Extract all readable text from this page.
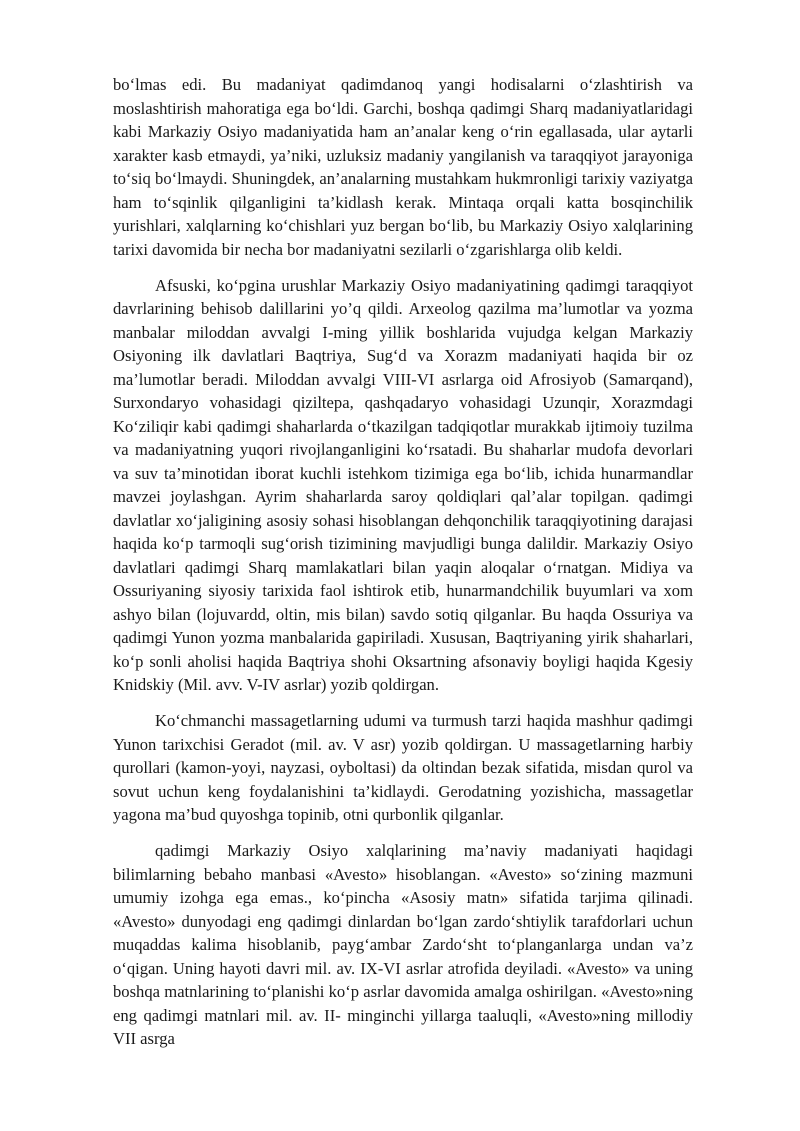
bo‘lmas edi. Bu madaniyat qadimdanoq yangi hodisalarni o‘zlashtirish va moslashtirish mahoratiga ega bo‘ldi. Garchi, boshqa qadimgi Sharq madaniyatlaridagi kabi Markaziy Osiyo madaniyatida ham an’analar keng o‘rin egallasada, ular aytarli xarakter kasb etmaydi, ya’niki, uzluksiz madaniy yangilanish va taraqqiyot jarayoniga to‘siq bo‘lmaydi. Shuningdek, an’analarning mustahkam hukmronligi tarixiy vaziyatga ham to‘sqinlik qilganligini ta’kidlash kerak. Mintaqa orqali katta bosqinchilik yurishlari, xalqlarning ko‘chishlari yuz bergan bo‘lib, bu Markaziy Osiyo xalqlarining tarixi davomida bir necha bor madaniyatni sezilarli o‘zgarishlarga olib keldi.

Afsuski, ko‘pgina urushlar Markaziy Osiyo madaniyatining qadimgi taraqqiyot davrlarining behisob dalillarini yo’q qildi. Arxeolog qazilma ma’lumotlar va yozma manbalar miloddan avvalgi I-ming yillik boshlarida vujudga kelgan Markaziy Osiyoning ilk davlatlari Baqtriya, Sug‘d va Xorazm madaniyati haqida bir oz ma’lumotlar beradi. Miloddan avvalgi VIII-VI asrlarga oid Afrosiyob (Samarqand), Surxondaryo vohasidagi qiziltepa, qashqadaryo vohasidagi Uzunqir, Xorazmdagi Ko‘ziliqir kabi qadimgi shaharlarda o‘tkazilgan tadqiqotlar murakkab ijtimoiy tuzilma va madaniyatning yuqori rivojlanganligini ko‘rsatadi. Bu shaharlar mudofa devorlari va suv ta’minotidan iborat kuchli istehkom tizimiga ega bo‘lib, ichida hunarmandlar mavzei joylashgan. Ayrim shaharlarda saroy qoldiqlari qal’alar topilgan. qadimgi davlatlar xo‘jaligining asosiy sohasi hisoblangan dehqonchilik taraqqiyotining darajasi haqida ko‘p tarmoqli sug‘orish tizimining mavjudligi bunga dalildir. Markaziy Osiyo davlatlari qadimgi Sharq mamlakatlari bilan yaqin aloqalar o‘rnatgan. Midiya va Ossuriyaning siyosiy tarixida faol ishtirok etib, hunarmandchilik buyumlari va xom ashyo bilan (lojuvardd, oltin, mis bilan) savdo sotiq qilganlar. Bu haqda Ossuriya va qadimgi Yunon yozma manbalarida gapiriladi. Xususan, Baqtriyaning yirik shaharlari, ko‘p sonli aholisi haqida Baqtriya shohi Oksartning afsonaviy boyligi haqida Kgesiy Knidskiy (Mil. avv. V-IV asrlar) yozib qoldirgan.

Ko‘chmanchi massagetlarning udumi va turmush tarzi haqida mashhur qadimgi Yunon tarixchisi Geradot (mil. av. V asr) yozib qoldirgan. U massagetlarning harbiy qurollari (kamon-yoyi, nayzasi, oyboltasi) da oltindan bezak sifatida, misdan qurol va sovut uchun keng foydalanishini ta’kidlaydi. Gerodatning yozishicha, massagetlar yagona ma’bud quyoshga topinib, otni qurbonlik qilganlar.

qadimgi Markaziy Osiyo xalqlarining ma’naviy madaniyati haqidagi bilimlarning bebaho manbasi «Avesto» hisoblangan. «Avesto» so‘zining mazmuni umumiy izohga ega emas., ko‘pincha «Asosiy matn» sifatida tarjima qilinadi. «Avesto» dunyodagi eng qadimgi dinlardan bo‘lgan zardo‘shtiylik tarafdorlari uchun muqaddas kalima hisoblanib, payg‘ambar Zardo‘sht to‘planganlarga undan va’z o‘qigan. Uning hayoti davri mil. av. IX-VI asrlar atrofida deyiladi. «Avesto» va uning boshqa matnlarining to‘planishi ko‘p asrlar davomida amalga oshirilgan. «Avesto»ning eng qadimgi matnlari mil. av. II- minginchi yillarga taaluqli, «Avesto»ning millodiy VII asrga
